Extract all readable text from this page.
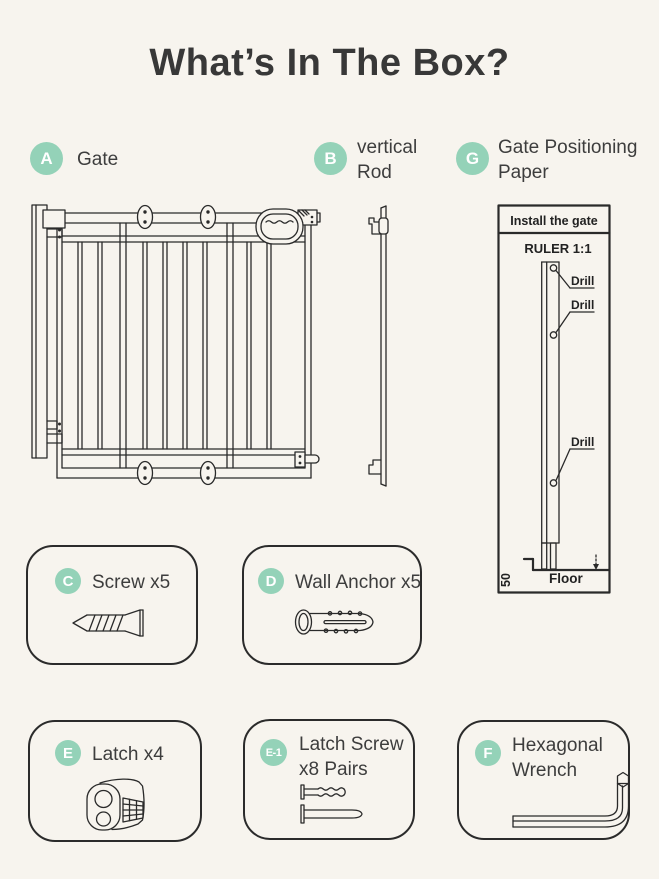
What’s In The Box?
A	Gate	B	vertical
Rod
G Gate Positioning
Paper
Install the gate
RULER 1:1
Drill
Drill
Drill
50	Floor
C Screw x5	D Wall Anchor x5
E	Latch x4	E-1 Latch Screw
x8 Pairs
F	Hexagonal
Wrench
